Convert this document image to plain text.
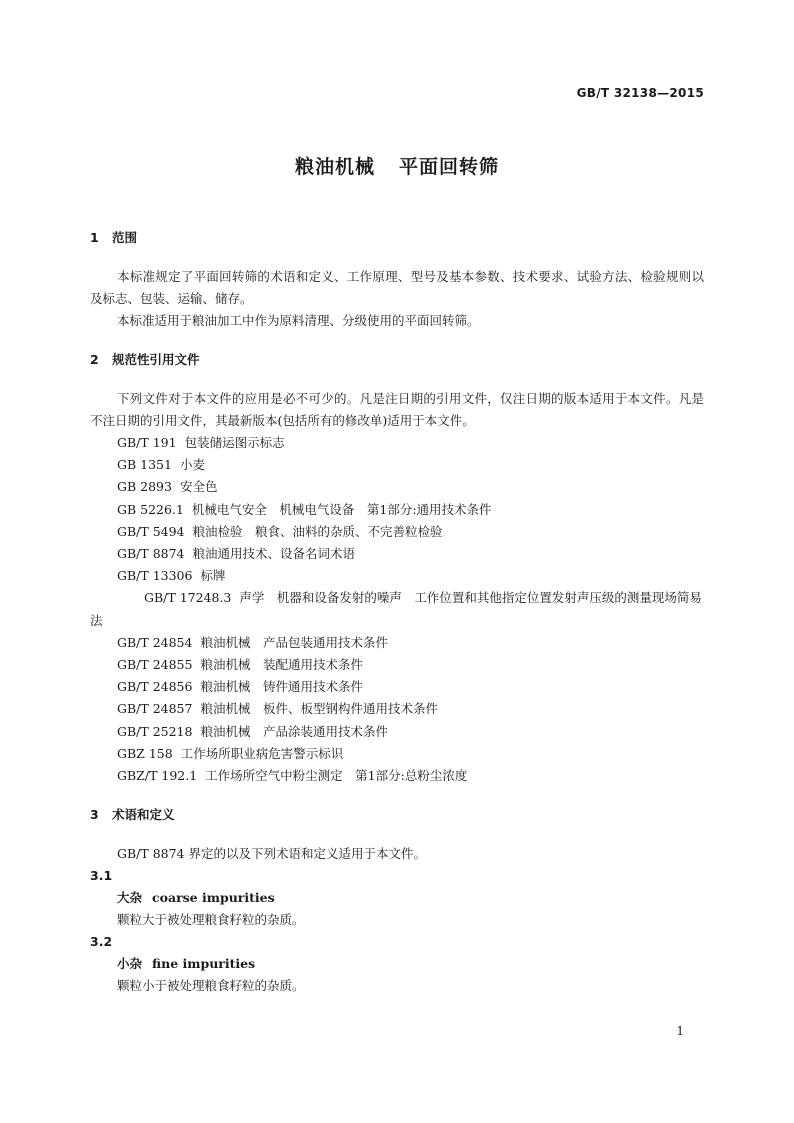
GB/T 32138—2015
粮油机械 平面回转筛
1 范围

本标准规定了平面回转筛的术语和定义、工作原理、型号及基本参数、技术要求、试验方法、检验规则以及标志、包装、运输、储存。

本标准适用于粮油加工中作为原料清理、分级使用的平面回转筛。

2 规范性引用文件

下列文件对于本文件的应用是必不可少的。凡是注日期的引用文件，仅注日期的版本适用于本文件。凡是不注日期的引用文件，其最新版本(包括所有的修改单)适用于本文件。

GB/T 191 包装储运图示标志
GB 1351 小麦
GB 2893 安全色
GB 5226.1 机械电气安全　机械电气设备　第1部分:通用技术条件
GB/T 5494 粮油检验　粮食、油料的杂质、不完善粒检验
GB/T 8874 粮油通用技术、设备名词术语
GB/T 13306 标牌
GB/T 17248.3 声学　机器和设备发射的噪声　工作位置和其他指定位置发射声压级的测量现场简易法
GB/T 24854 粮油机械　产品包装通用技术条件
GB/T 24855 粮油机械　装配通用技术条件
GB/T 24856 粮油机械　铸件通用技术条件
GB/T 24857 粮油机械　板件、板型钢构件通用技术条件
GB/T 25218 粮油机械　产品涂装通用技术条件
GBZ 158 工作场所职业病危害警示标识
GBZ/T 192.1 工作场所空气中粉尘测定　第1部分:总粉尘浓度
3 术语和定义

GB/T 8874 界定的以及下列术语和定义适用于本文件。

3.1
大杂 coarse impurities
颗粒大于被处理粮食籽粒的杂质。
3.2
小杂 fine impurities
颗粒小于被处理粮食籽粒的杂质。
1
